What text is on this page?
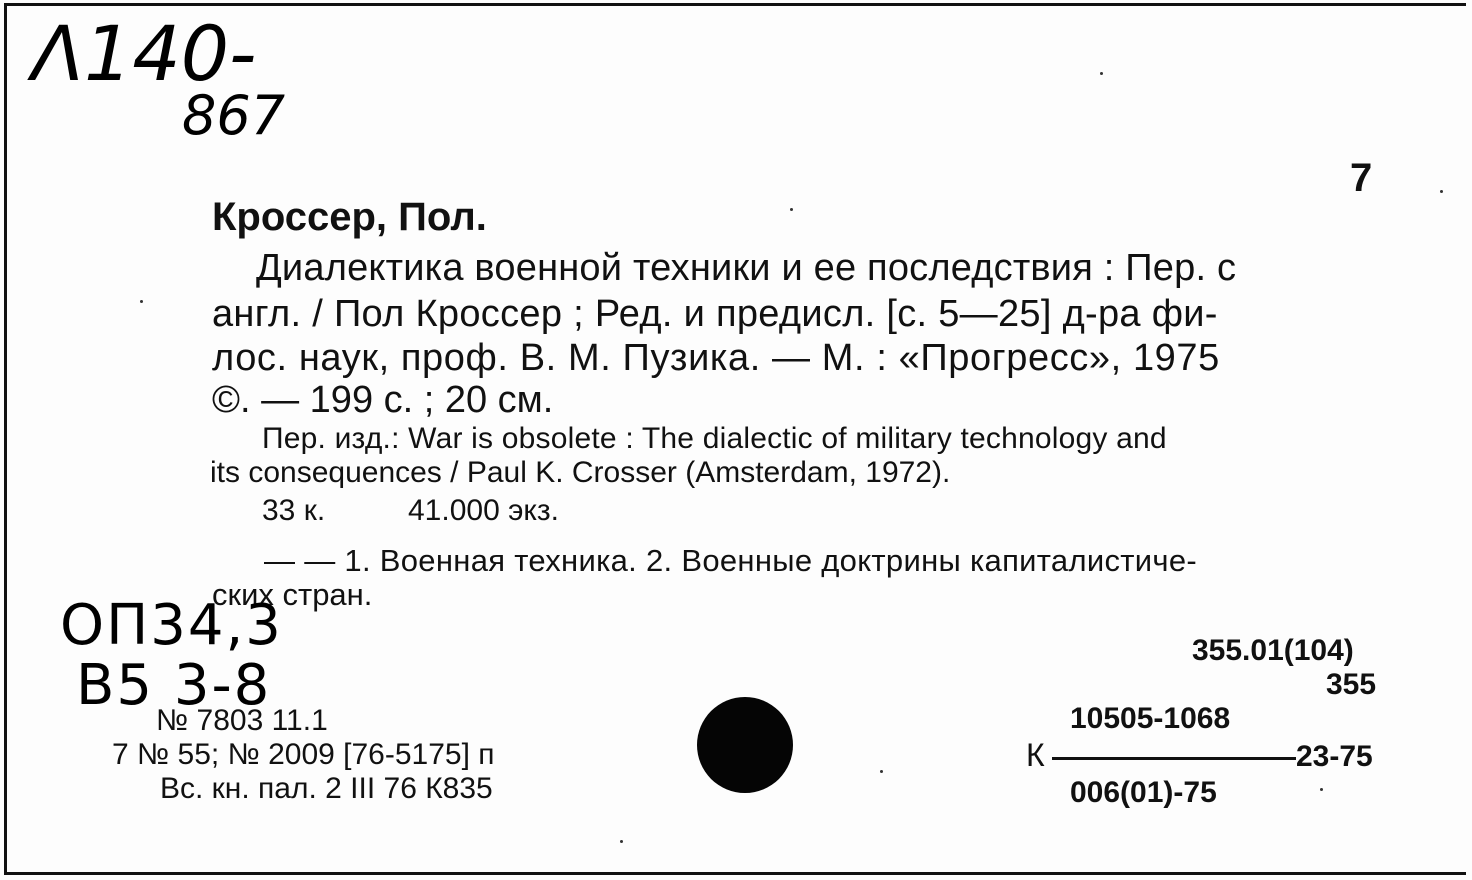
Λ140-
867
7
Кроссер, Пол.
Диалектика военной техники и ее последствия : Пер. с
англ. / Пол Кроссер ; Ред. и предисл. [с. 5—25] д-ра фи-
лос. наук, проф. В. М. Пузика. — М. : «Прогресс», 1975
©. — 199 с. ; 20 см.
Пер. изд.: War is obsolete : The dialectic of military technology and
its consequences / Paul K. Crosser (Amsterdam, 1972).
33 к.	41.000 экз.
— — 1. Военная техника. 2. Военные доктрины капиталистиче-
ских стран.
ОП34,3
В5 3-8
№ 7803 11.1
7 № 55; № 2009 [76-5175] п
Вс. кн. пал. 2 III 76 К835
355.01(104)
355
10505-1068
К	23-75
006(01)-75
